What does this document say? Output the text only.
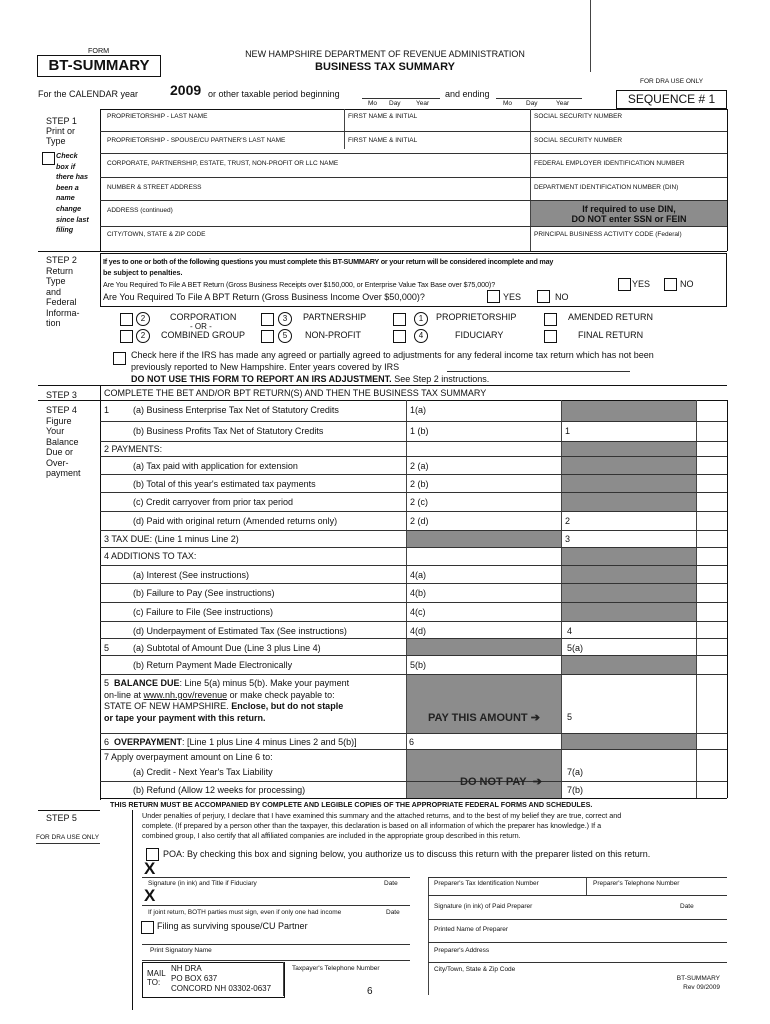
FORM
BT-SUMMARY
NEW HAMPSHIRE DEPARTMENT OF REVENUE ADMINISTRATION
BUSINESS TAX SUMMARY
FOR DRA USE ONLY
For the CALENDAR year 2009 or other taxable period beginning	and ending
Mo Day Year	Mo Day	Year	SEQUENCE # 1
STEP 1
Print or
Type
Check
box if
there has
been a
name
change
since last
filing
PROPRIETORSHIP - LAST NAME	FIRST NAME & INITIAL	SOCIAL SECURITY NUMBER
PROPRIETORSHIP - SPOUSE/CU PARTNER'S LAST NAME	FIRST NAME & INITIAL	SOCIAL SECURITY NUMBER
CORPORATE, PARTNERSHIP, ESTATE, TRUST, NON-PROFIT OR LLC NAME	FEDERAL EMPLOYER IDENTIFICATION NUMBER
NUMBER & STREET ADDRESS	DEPARTMENT IDENTIFICATION NUMBER (DIN)
ADDRESS (continued)	If required to use DIN,
DO NOT enter SSN or FEIN
CITY/TOWN, STATE & ZIP CODE	PRINCIPAL BUSINESS ACTIVITY CODE (Federal)
STEP 2
Return
Type
and
Federal
Informa-
tion
If yes to one or both of the following questions you must complete this BT-SUMMARY or your return will be considered incomplete and may
be subject to penalties.
Are You Required To File A BET Return (Gross Business Receipts over $150,000, or Enterprise Value Tax Base over $75,000)?	YES	NO
Are You Required To File A BPT Return (Gross Business Income Over $50,000)?	YES	NO
2	CORPORATION
- OR -
2	COMBINED GROUP
3	PARTNERSHIP
5	NON-PROFIT
1	PROPRIETORSHIP
4	FIDUCIARY
AMENDED RETURN
FINAL RETURN
Check here if the IRS has made any agreed or partially agreed to adjustments for any federal income tax return which has not been
previously reported to New Hampshire. Enter years covered by IRS
DO NOT USE THIS FORM TO REPORT AN IRS ADJUSTMENT. See Step 2 instructions.
STEP 3	COMPLETE THE BET AND/OR BPT RETURN(S) AND THEN THE BUSINESS TAX SUMMARY
STEP 4
Figure
Your
Balance
Due or
Over-
payment
1	(a) Business Enterprise Tax Net of Statutory Credits	1(a)
(b) Business Profits Tax Net of Statutory Credits	1 (b)	1
2 PAYMENTS:
(a) Tax paid with application for extension	2 (a)
(b) Total of this year's estimated tax payments	2 (b)
(c) Credit carryover from prior tax period	2 (c)
(d) Paid with original return (Amended returns only)	2 (d)	2
3 TAX DUE: (Line 1 minus Line 2)	3
4 ADDITIONS TO TAX:
(a) Interest (See instructions)	4(a)
(b) Failure to Pay (See instructions)	4(b)
(c) Failure to File (See instructions)	4(c)
(d) Underpayment of Estimated Tax (See instructions)	4(d)	4
5	(a) Subtotal of Amount Due (Line 3 plus Line 4)	5(a)
(b) Return Payment Made Electronically	5(b)
5 BALANCE DUE: Line 5(a) minus 5(b). Make your payment
on-line at www.nh.gov/revenue or make check payable to:
STATE OF NEW HAMPSHIRE. Enclose, but do not staple
or tape your payment with this return.	PAY THIS AMOUNT ➔	5
6 OVERPAYMENT: [Line 1 plus Line 4 minus Lines 2 and 5(b)]	6
7 Apply overpayment amount on Line 6 to:
(a) Credit - Next Year's Tax Liability	7(a)
DO NOT PAY ➔
(b) Refund (Allow 12 weeks for processing)	7(b)
THIS RETURN MUST BE ACCOMPANIED BY COMPLETE AND LEGIBLE COPIES OF THE APPROPRIATE FEDERAL FORMS AND SCHEDULES.
STEP 5
FOR DRA USE ONLY
Under penalties of perjury, I declare that I have examined this summary and the attached returns, and to the best of my belief they are true, correct and
complete. (If prepared by a person other than the taxpayer, this declaration is based on all information of which the preparer has knowledge.) If a
combined group, I also certify that all affiliated companies are included in the appropriate group described in this return.
POA: By checking this box and signing below, you authorize us to discuss this return with the preparer listed on this return.
X
Signature (in ink) and Title if Fiduciary	Date
X
If joint return, BOTH parties must sign, even if only one had income	Date
Filing as surviving spouse/CU Partner
Print Signatory Name
Preparer's Tax Identification Number	Preparer's Telephone Number
Signature (in ink) of Paid Preparer	Date
Printed Name of Preparer
Preparer's Address
City/Town, State & Zip Code
MAIL
TO:
NH DRA
PO BOX 637
CONCORD NH 03302-0637
Taxpayer's Telephone Number
6
BT-SUMMARY
Rev 09/2009
